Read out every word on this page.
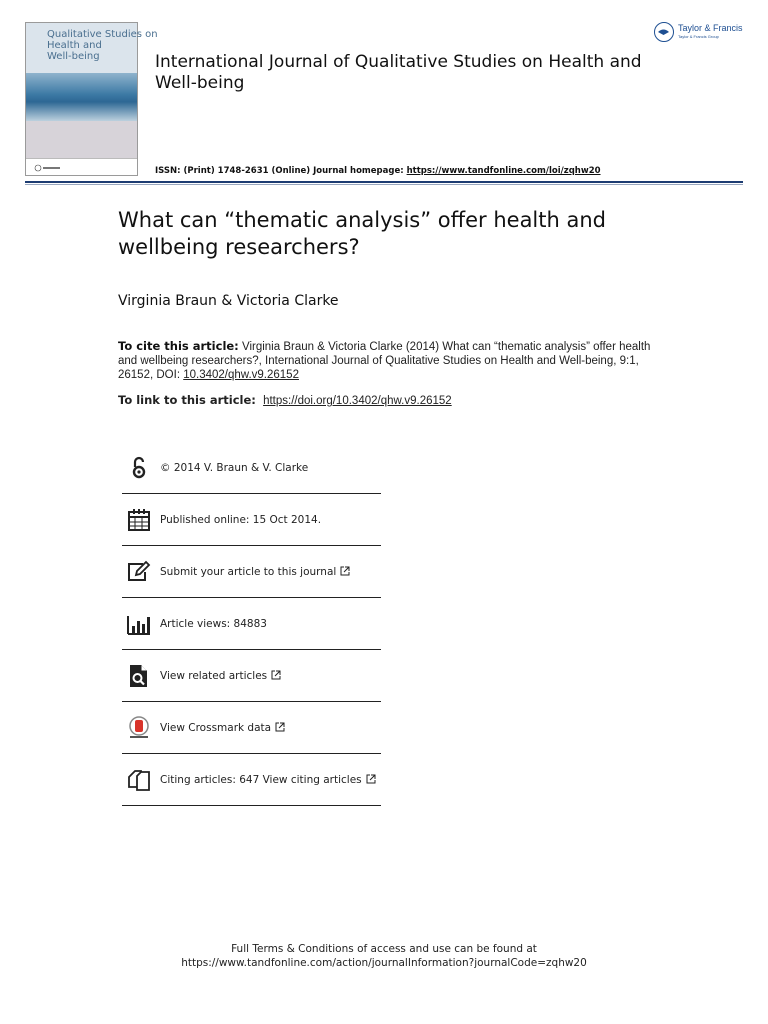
Qualitative Studies on
Health and
Well-being	International Journal of Qualitative Studies on Health and Well-being
ISSN: (Print) 1748-2631 (Online) Journal homepage: https://www.tandfonline.com/loi/zqhw20
Taylor & Francis
Taylor & Francis Group
What can “thematic analysis” offer health and wellbeing researchers?
Virginia Braun & Victoria Clarke
To cite this article: Virginia Braun & Victoria Clarke (2014) What can “thematic analysis” offer health and wellbeing researchers?, International Journal of Qualitative Studies on Health and Well-being, 9:1, 26152, DOI: 10.3402/qhw.v9.26152
To link to this article: https://doi.org/10.3402/qhw.v9.26152
© 2014 V. Braun & V. Clarke
Published online: 15 Oct 2014.
Submit your article to this journal
Article views: 84883
View related articles
View Crossmark data
Citing articles: 647 View citing articles
Full Terms & Conditions of access and use can be found at
https://www.tandfonline.com/action/journalInformation?journalCode=zqhw20
